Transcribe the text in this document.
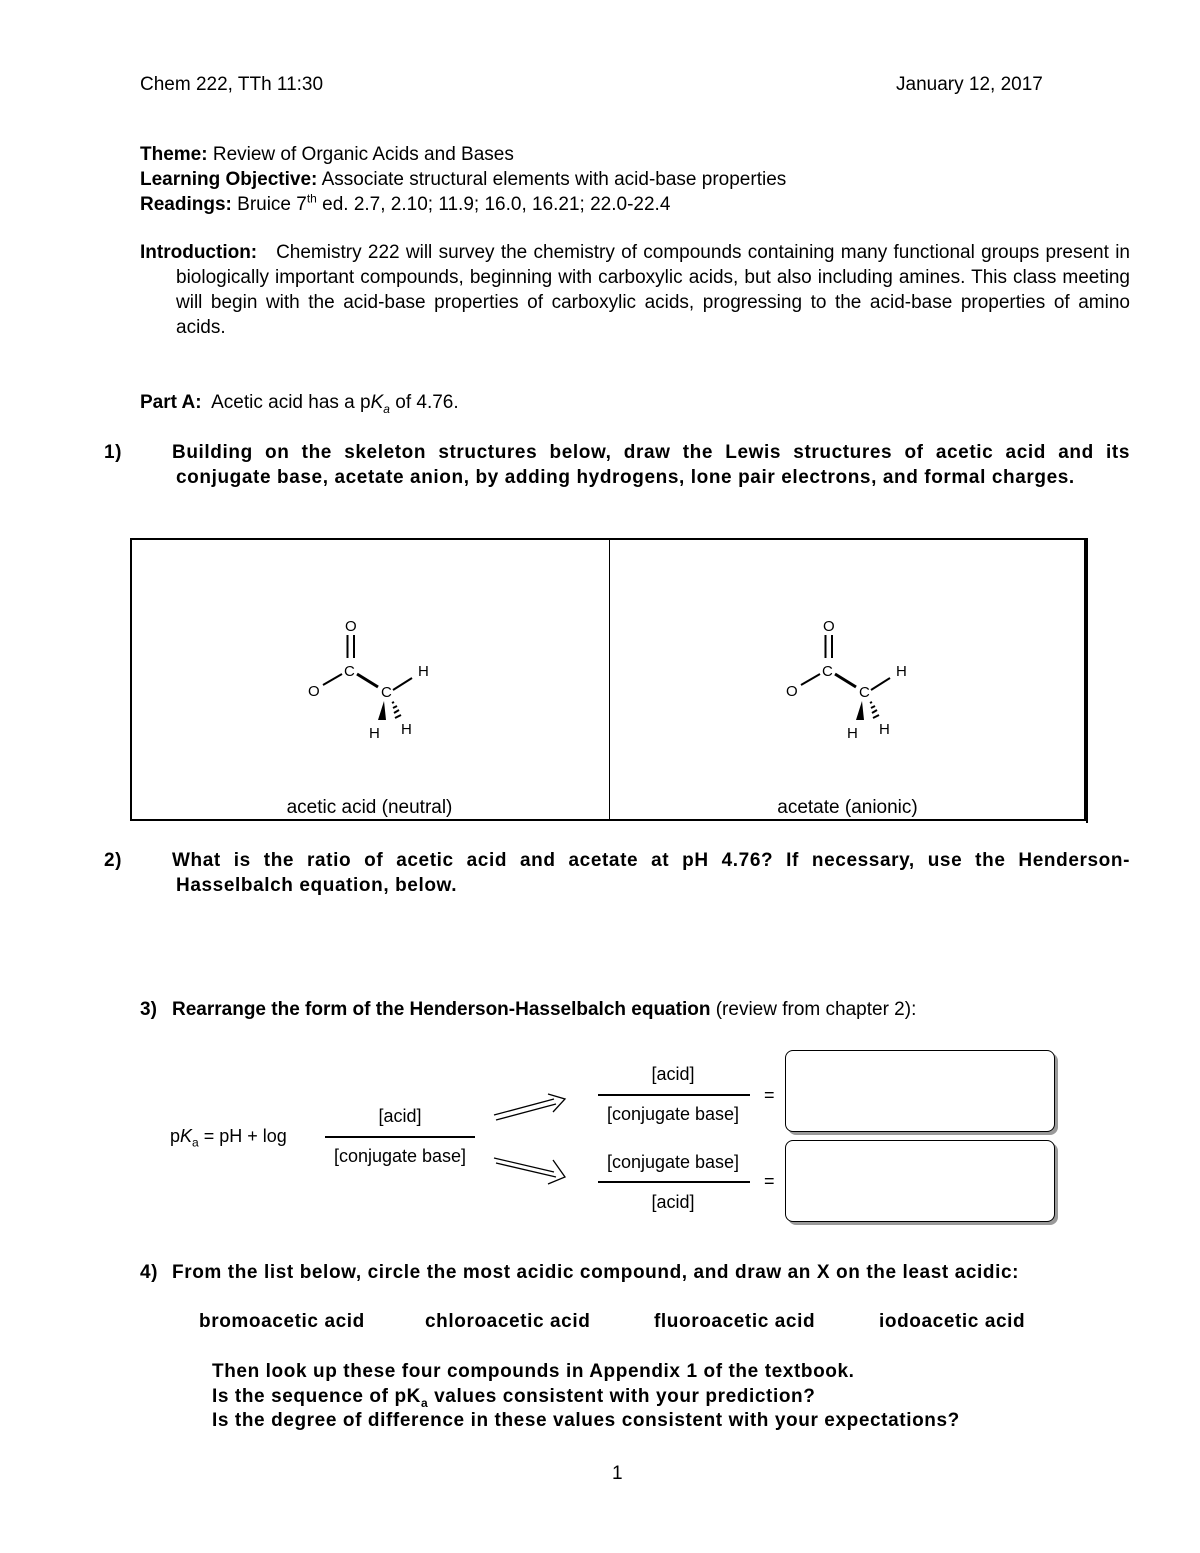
Chem 222, TTh 11:30	January 12, 2017
Theme: Review of Organic Acids and Bases
Learning Objective: Associate structural elements with acid-base properties
Readings: Bruice 7th ed. 2.7, 2.10; 11.9; 16.0, 16.21; 22.0-22.4
Introduction: Chemistry 222 will survey the chemistry of compounds containing many functional groups present in biologically important compounds, beginning with carboxylic acids, but also including amines. This class meeting will begin with the acid-base properties of carboxylic acids, progressing to the acid-base properties of amino acids.
Part A: Acetic acid has a $pK_a$ of 4.76.
1)	Building on the skeleton structures below, draw the Lewis structures of acetic acid and its conjugate base, acetate anion, by adding hydrogens, lone pair electrons, and formal charges.
O
C
O	C
H
H H
O
C
O	C
H
H H
acetic acid (neutral)	acetate (anionic)
2)	What is the ratio of acetic acid and acetate at pH 4.76? If necessary, use the Henderson-Hasselbalch equation, below.
3) Rearrange the form of the Henderson-Hasselbalch equation (review from chapter 2):
$pK_a$ = pH + log
[acid]
[conjugate base]
[acid]
[conjugate base]
=
[conjugate base]
[acid]
=
4) From the list below, circle the most acidic compound, and draw an X on the least acidic:
bromoacetic acid	chloroacetic acid	fluoroacetic acid	iodoacetic acid
Then look up these four compounds in Appendix 1 of the textbook.
Is the sequence of $pK_a$ values consistent with your prediction?
Is the degree of difference in these values consistent with your expectations?
1
